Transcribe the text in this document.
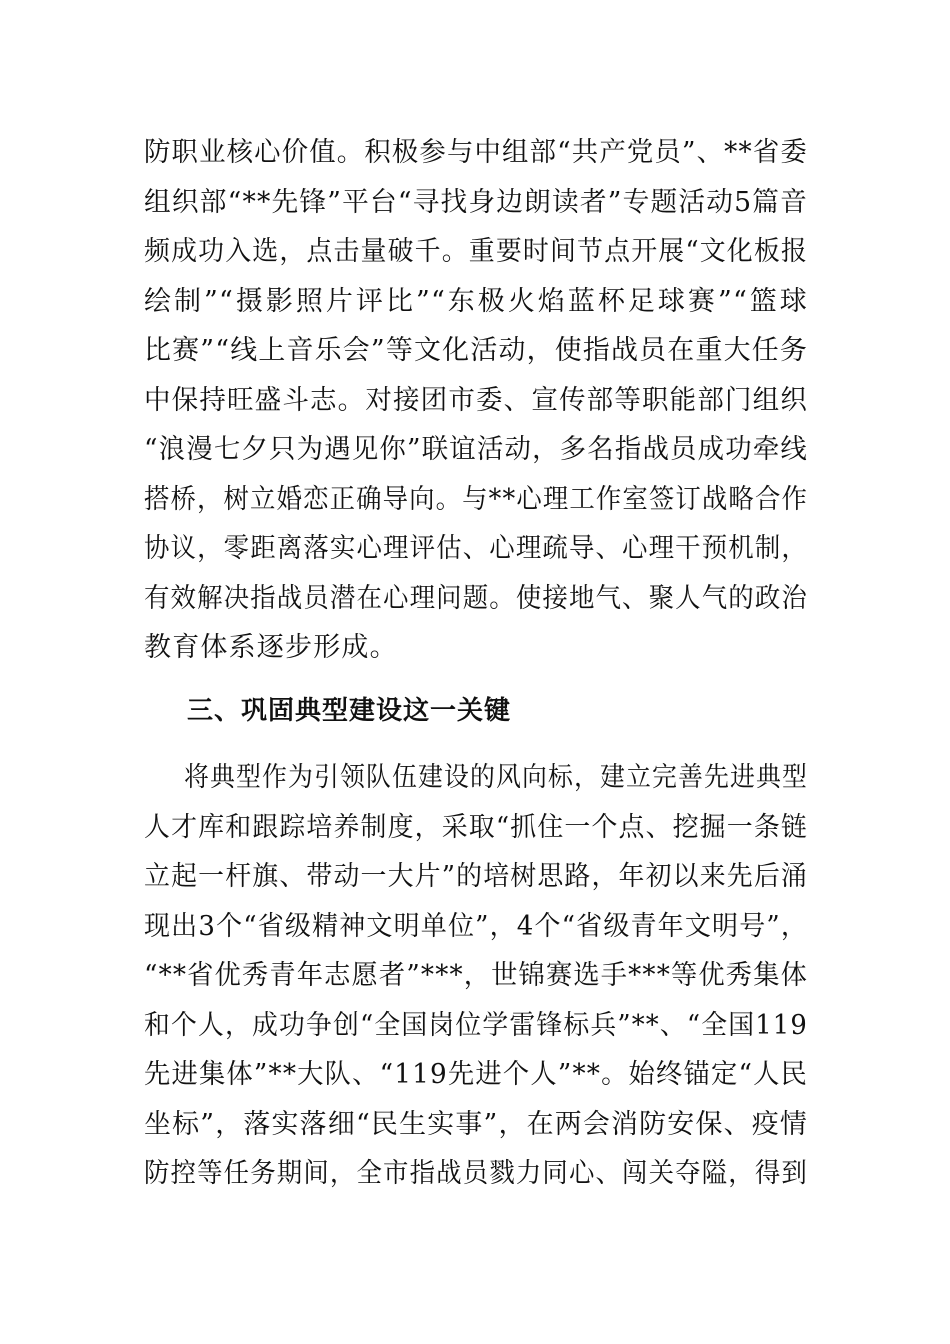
防职业核心价值。积极参与中组部“共产党员”、**省委
组织部“**先锋”平台“寻找身边朗读者”专题活动5篇音
频成功入选，点击量破千。重要时间节点开展“文化板报
绘制”“摄影照片评比”“东极火焰蓝杯足球赛”“篮球
比赛”“线上音乐会”等文化活动，使指战员在重大任务
中保持旺盛斗志。对接团市委、宣传部等职能部门组织
“浪漫七夕只为遇见你”联谊活动，多名指战员成功牵线
搭桥，树立婚恋正确导向。与**心理工作室签订战略合作
协议，零距离落实心理评估、心理疏导、心理干预机制，
有效解决指战员潜在心理问题。使接地气、聚人气的政治
教育体系逐步形成。
三、巩固典型建设这一关键
将典型作为引领队伍建设的风向标，建立完善先进典型
人才库和跟踪培养制度，采取“抓住一个点、挖掘一条链
立起一杆旗、带动一大片”的培树思路，年初以来先后涌
现出3个“省级精神文明单位”，4个“省级青年文明号”，
“**省优秀青年志愿者”***，世锦赛选手***等优秀集体
和个人，成功争创“全国岗位学雷锋标兵”**、“全国119
先进集体”**大队、“119先进个人”**。始终锚定“人民
坐标”，落实落细“民生实事”，在两会消防安保、疫情
防控等任务期间，全市指战员戮力同心、闯关夺隘，得到
